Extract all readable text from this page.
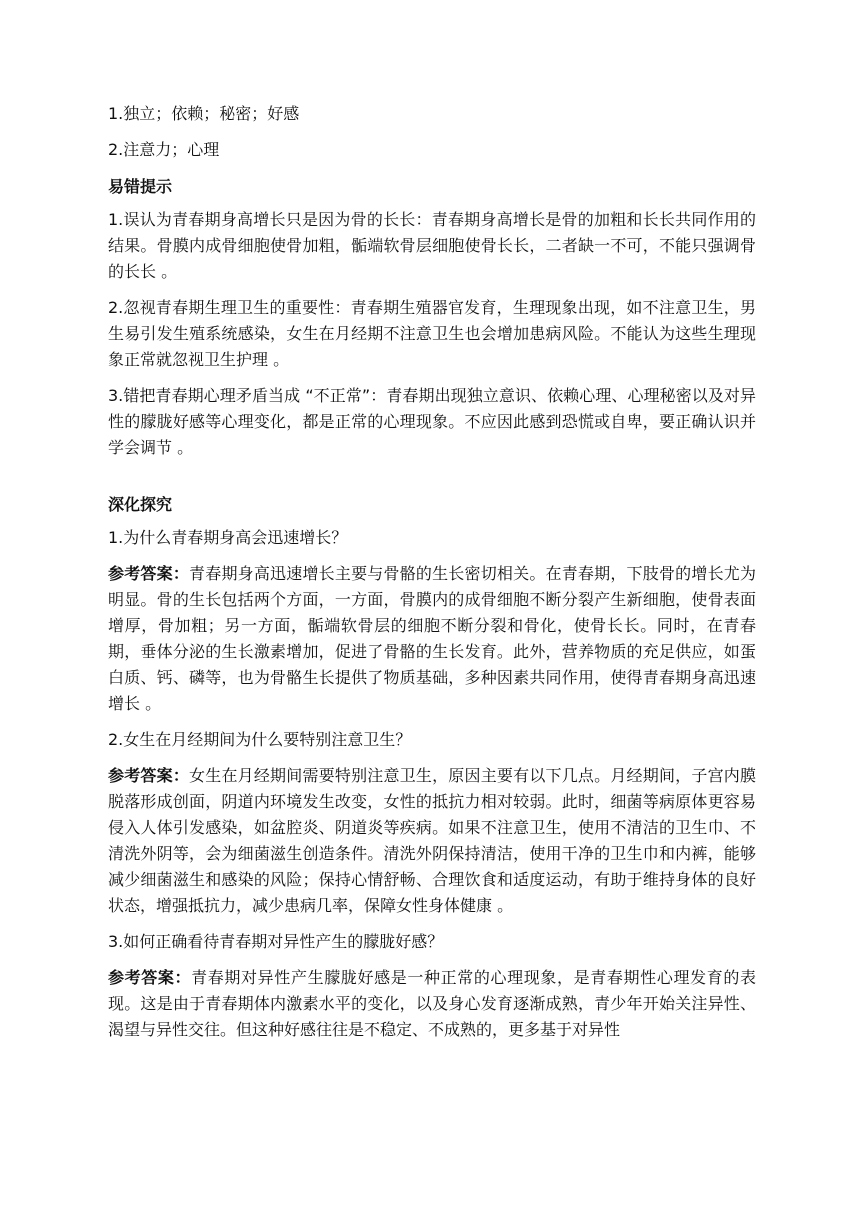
1.独立；依赖；秘密；好感

2.注意力；心理

易错提示

1.误认为青春期身高增长只是因为骨的长长：青春期身高增长是骨的加粗和长长共同作用的结果。骨膜内成骨细胞使骨加粗，骺端软骨层细胞使骨长长，二者缺一不可，不能只强调骨的长长 。

2.忽视青春期生理卫生的重要性：青春期生殖器官发育，生理现象出现，如不注意卫生，男生易引发生殖系统感染，女生在月经期不注意卫生也会增加患病风险。不能认为这些生理现象正常就忽视卫生护理 。

3.错把青春期心理矛盾当成 “不正常”：青春期出现独立意识、依赖心理、心理秘密以及对异性的朦胧好感等心理变化，都是正常的心理现象。不应因此感到恐慌或自卑，要正确认识并学会调节 。

深化探究

1.为什么青春期身高会迅速增长？

参考答案：青春期身高迅速增长主要与骨骼的生长密切相关。在青春期，下肢骨的增长尤为明显。骨的生长包括两个方面，一方面，骨膜内的成骨细胞不断分裂产生新细胞，使骨表面增厚，骨加粗；另一方面，骺端软骨层的细胞不断分裂和骨化，使骨长长。同时，在青春期，垂体分泌的生长激素增加，促进了骨骼的生长发育。此外，营养物质的充足供应，如蛋白质、钙、磷等，也为骨骼生长提供了物质基础，多种因素共同作用，使得青春期身高迅速增长 。

2.女生在月经期间为什么要特别注意卫生？

参考答案：女生在月经期间需要特别注意卫生，原因主要有以下几点。月经期间，子宫内膜脱落形成创面，阴道内环境发生改变，女性的抵抗力相对较弱。此时，细菌等病原体更容易侵入人体引发感染，如盆腔炎、阴道炎等疾病。如果不注意卫生，使用不清洁的卫生巾、不清洗外阴等，会为细菌滋生创造条件。清洗外阴保持清洁，使用干净的卫生巾和内裤，能够减少细菌滋生和感染的风险；保持心情舒畅、合理饮食和适度运动，有助于维持身体的良好状态，增强抵抗力，减少患病几率，保障女性身体健康 。

3.如何正确看待青春期对异性产生的朦胧好感？

参考答案：青春期对异性产生朦胧好感是一种正常的心理现象，是青春期性心理发育的表现。这是由于青春期体内激素水平的变化，以及身心发育逐渐成熟，青少年开始关注异性、渴望与异性交往。但这种好感往往是不稳定、不成熟的，更多基于对异性
